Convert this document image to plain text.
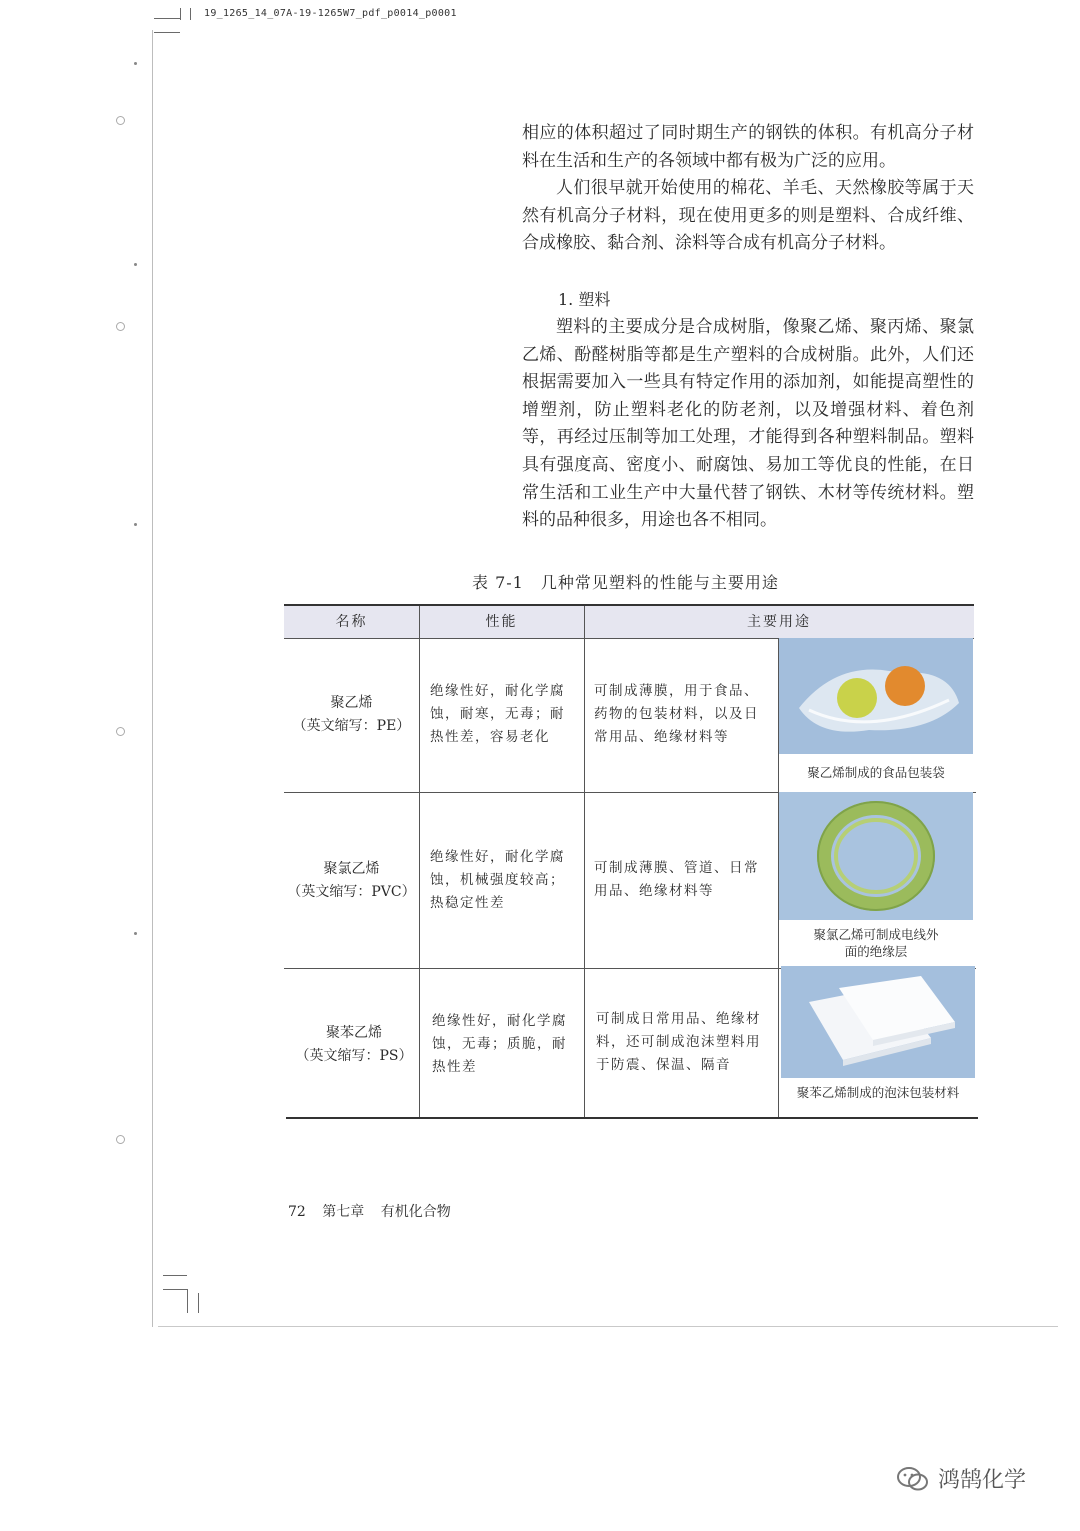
19_1265_14_07A-19-1265W7_pdf_p0014_p0001

相应的体积超过了同时期生产的钢铁的体积。有机高分子材料在生活和生产的各领域中都有极为广泛的应用。

人们很早就开始使用的棉花、羊毛、天然橡胶等属于天然有机高分子材料，现在使用更多的则是塑料、合成纤维、合成橡胶、黏合剂、涂料等合成有机高分子材料。

1. 塑料

塑料的主要成分是合成树脂，像聚乙烯、聚丙烯、聚氯乙烯、酚醛树脂等都是生产塑料的合成树脂。此外，人们还根据需要加入一些具有特定作用的添加剂，如能提高塑性的增塑剂，防止塑料老化的防老剂，以及增强材料、着色剂等，再经过压制等加工处理，才能得到各种塑料制品。塑料具有强度高、密度小、耐腐蚀、易加工等优良的性能，在日常生活和工业生产中大量代替了钢铁、木材等传统材料。塑料的品种很多，用途也各不相同。

表 7-1　几种常见塑料的性能与主要用途
名称	性能	主要用途
聚乙烯
（英文缩写：PE）
绝缘性好，耐化学腐蚀，耐寒，无毒；耐热性差，容易老化
可制成薄膜，用于食品、药物的包装材料，以及日常用品、绝缘材料等
聚乙烯制成的食品包装袋
聚氯乙烯
（英文缩写：PVC）
绝缘性好，耐化学腐蚀，机械强度较高；热稳定性差
可制成薄膜、管道、日常用品、绝缘材料等
聚氯乙烯可制成电线外面的绝缘层
聚苯乙烯
（英文缩写：PS）
绝缘性好，耐化学腐蚀，无毒；质脆，耐热性差
可制成日常用品、绝缘材料，还可制成泡沫塑料用于防震、保温、隔音
聚苯乙烯制成的泡沫包装材料
72 第七章 有机化合物
鸿鹄化学
